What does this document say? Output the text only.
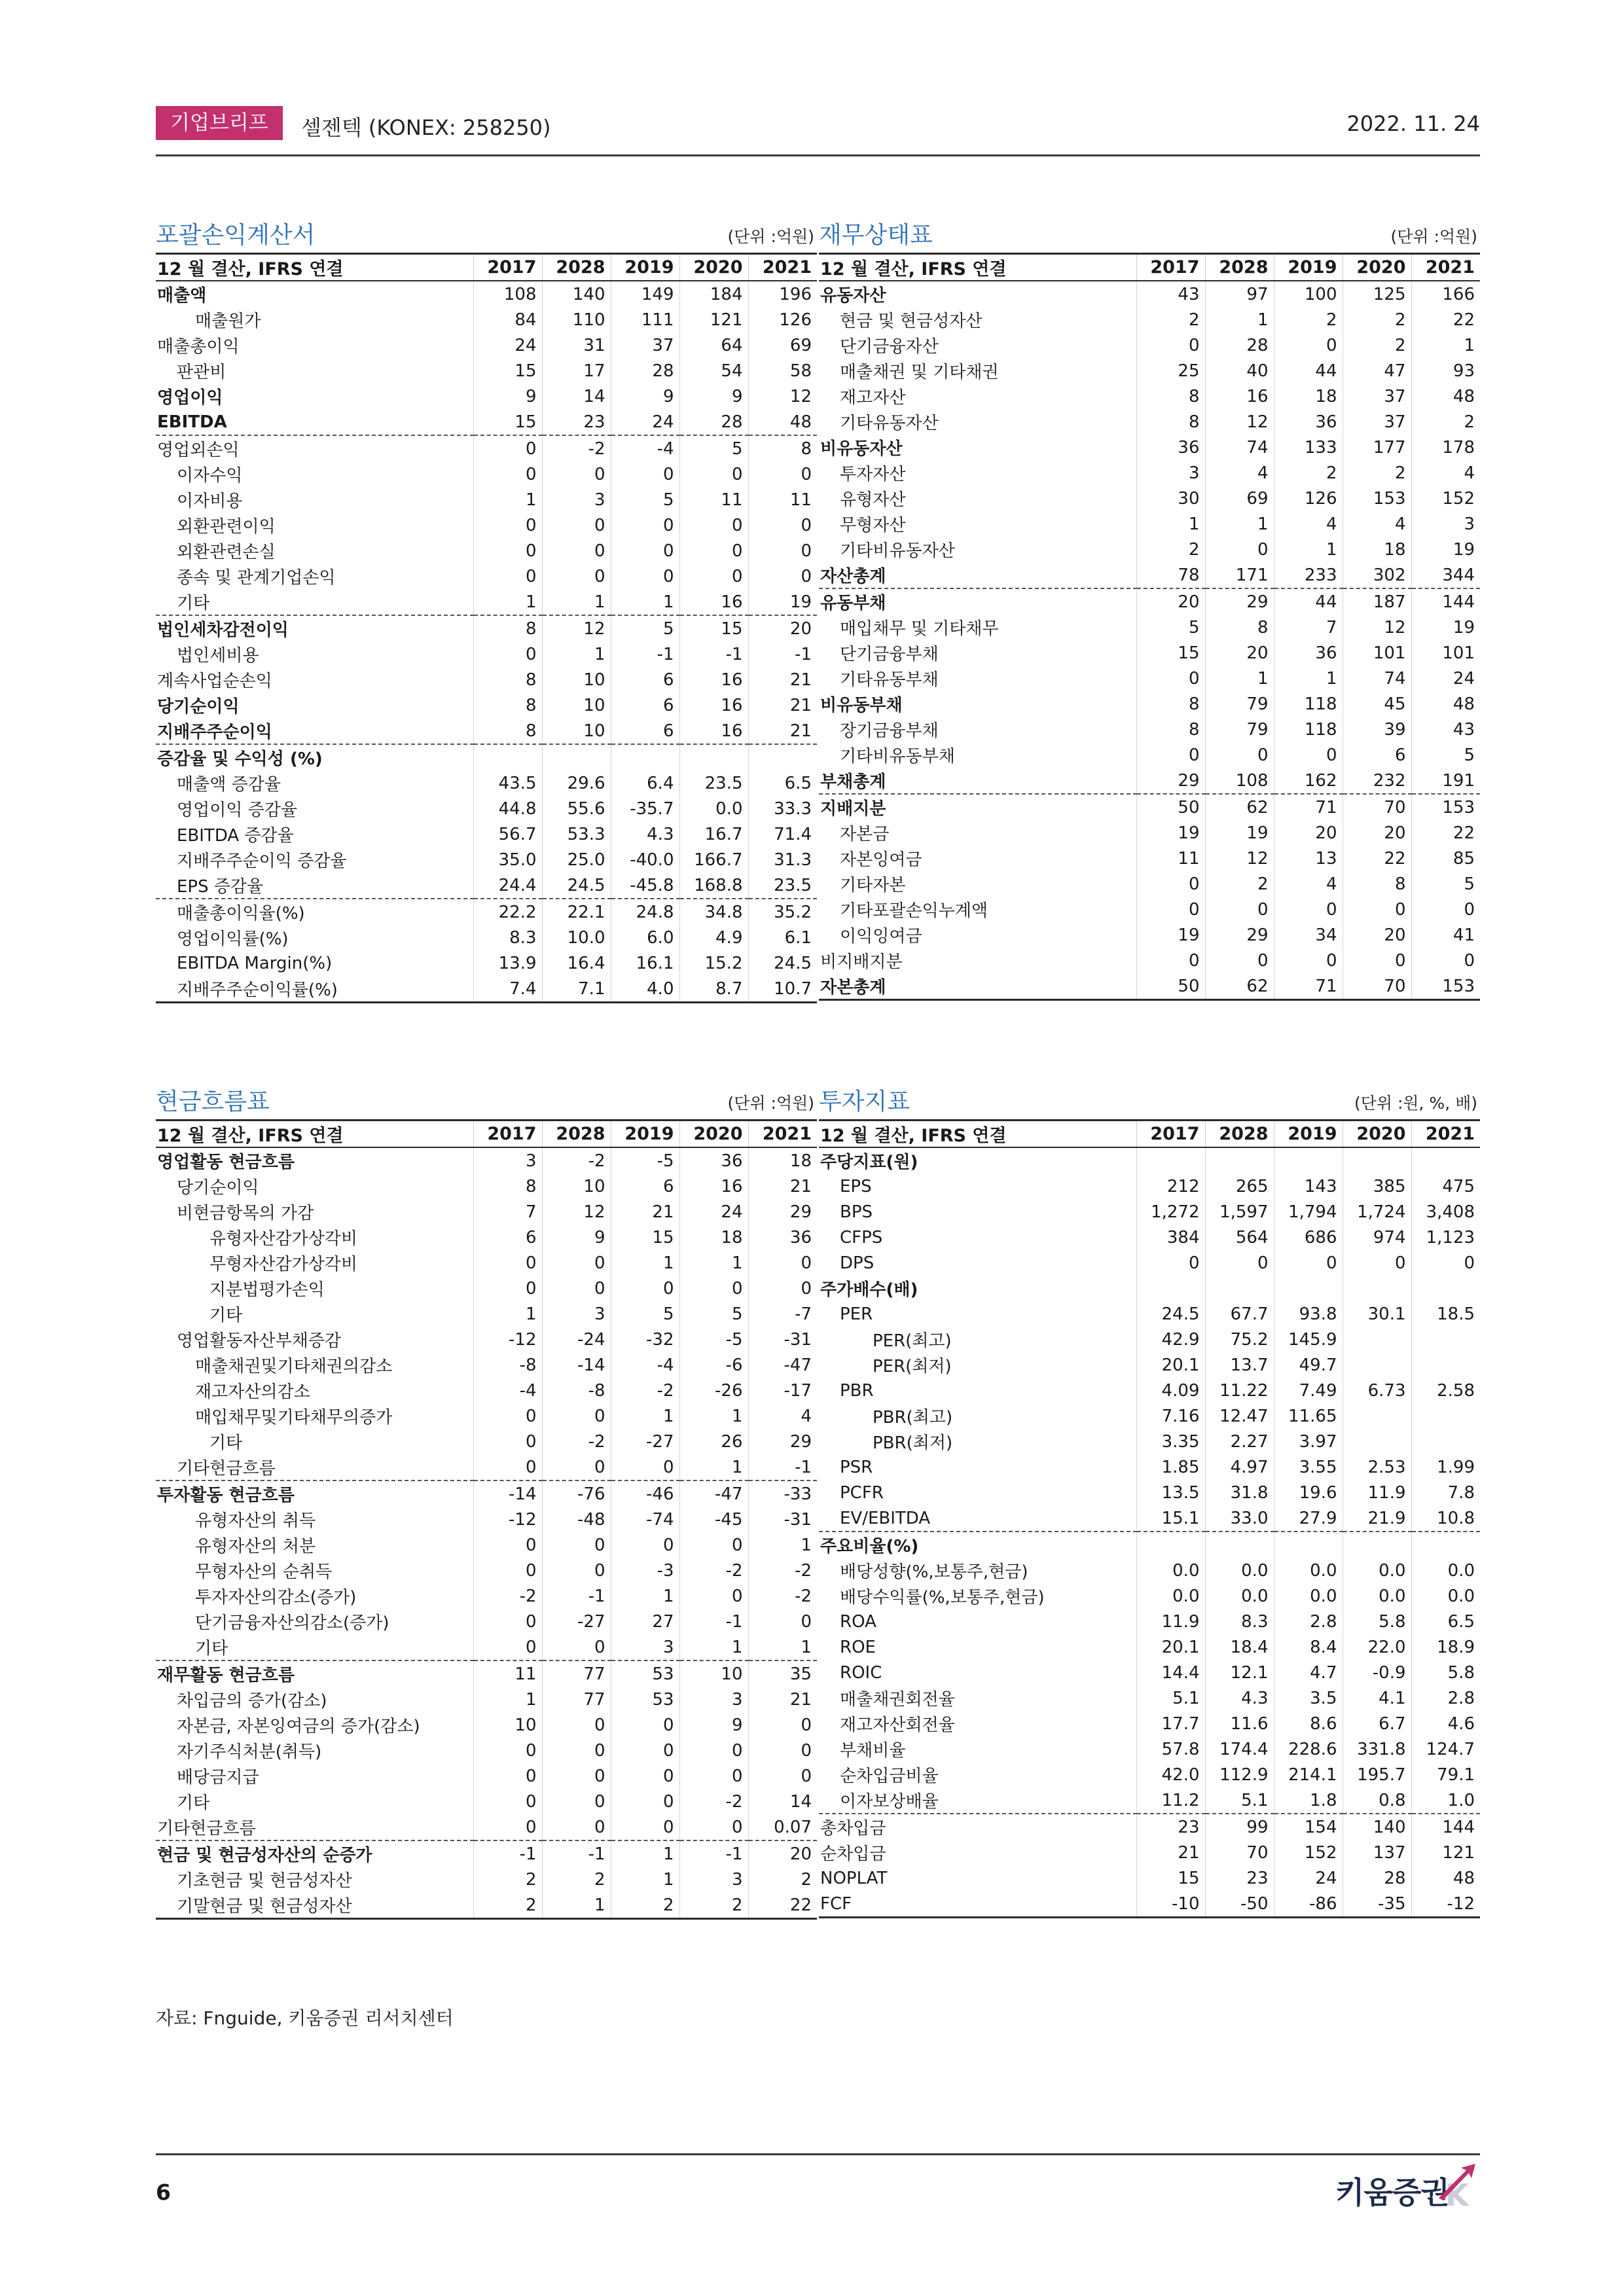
기업브리프	셀젠텍 (KONEX: 258250)	2022. 11. 24
포괄손익계산서	(단위 :억원)
12 월 결산, IFRS 연결	2017	2028	2019	2020	2021
매출액	108	140	149	184	196
매출원가	84	110	111	121	126
매출총이익	24	31	37	64	69
판관비	15	17	28	54	58
영업이익	9	14	9	9	12
EBITDA	15	23	24	28	48
영업외손익	0	-2	-4	5	8
이자수익	0	0	0	0	0
이자비용	1	3	5	11	11
외환관련이익	0	0	0	0	0
외환관련손실	0	0	0	0	0
종속 및 관계기업손익	0	0	0	0	0
기타	1	1	1	16	19
법인세차감전이익	8	12	5	15	20
법인세비용	0	1	-1	-1	-1
계속사업순손익	8	10	6	16	21
당기순이익	8	10	6	16	21
지배주주순이익	8	10	6	16	21
증감율 및 수익성 (%)					
매출액 증감율	43.5	29.6	6.4	23.5	6.5
영업이익 증감율	44.8	55.6	-35.7	0.0	33.3
EBITDA 증감율	56.7	53.3	4.3	16.7	71.4
지배주주순이익 증감율	35.0	25.0	-40.0	166.7	31.3
EPS 증감율	24.4	24.5	-45.8	168.8	23.5
매출총이익율(%)	22.2	22.1	24.8	34.8	35.2
영업이익률(%)	8.3	10.0	6.0	4.9	6.1
EBITDA Margin(%)	13.9	16.4	16.1	15.2	24.5
지배주주순이익률(%)	7.4	7.1	4.0	8.7	10.7
재무상태표	(단위 :억원)
12 월 결산, IFRS 연결	2017	2028	2019	2020	2021
유동자산	43	97	100	125	166
현금 및 현금성자산	2	1	2	2	22
단기금융자산	0	28	0	2	1
매출채권 및 기타채권	25	40	44	47	93
재고자산	8	16	18	37	48
기타유동자산	8	12	36	37	2
비유동자산	36	74	133	177	178
투자자산	3	4	2	2	4
유형자산	30	69	126	153	152
무형자산	1	1	4	4	3
기타비유동자산	2	0	1	18	19
자산총계	78	171	233	302	344
유동부채	20	29	44	187	144
매입채무 및 기타채무	5	8	7	12	19
단기금융부채	15	20	36	101	101
기타유동부채	0	1	1	74	24
비유동부채	8	79	118	45	48
장기금융부채	8	79	118	39	43
기타비유동부채	0	0	0	6	5
부채총계	29	108	162	232	191
지배지분	50	62	71	70	153
자본금	19	19	20	20	22
자본잉여금	11	12	13	22	85
기타자본	0	2	4	8	5
기타포괄손익누계액	0	0	0	0	0
이익잉여금	19	29	34	20	41
비지배지분	0	0	0	0	0
자본총계	50	62	71	70	153
현금흐름표	(단위 :억원)
12 월 결산, IFRS 연결	2017	2028	2019	2020	2021
영업활동 현금흐름	3	-2	-5	36	18
당기순이익	8	10	6	16	21
비현금항목의 가감	7	12	21	24	29
유형자산감가상각비	6	9	15	18	36
무형자산감가상각비	0	0	1	1	0
지분법평가손익	0	0	0	0	0
기타	1	3	5	5	-7
영업활동자산부채증감	-12	-24	-32	-5	-31
매출채권및기타채권의감소	-8	-14	-4	-6	-47
재고자산의감소	-4	-8	-2	-26	-17
매입채무및기타채무의증가	0	0	1	1	4
기타	0	-2	-27	26	29
기타현금흐름	0	0	0	1	-1
투자활동 현금흐름	-14	-76	-46	-47	-33
유형자산의 취득	-12	-48	-74	-45	-31
유형자산의 처분	0	0	0	0	1
무형자산의 순취득	0	0	-3	-2	-2
투자자산의감소(증가)	-2	-1	1	0	-2
단기금융자산의감소(증가)	0	-27	27	-1	0
기타	0	0	3	1	1
재무활동 현금흐름	11	77	53	10	35
차입금의 증가(감소)	1	77	53	3	21
자본금, 자본잉여금의 증가(감소)	10	0	0	9	0
자기주식처분(취득)	0	0	0	0	0
배당금지급	0	0	0	0	0
기타	0	0	0	-2	14
기타현금흐름	0	0	0	0	0.07
현금 및 현금성자산의 순증가	-1	-1	1	-1	20
기초현금 및 현금성자산	2	2	1	3	2
기말현금 및 현금성자산	2	1	2	2	22
투자지표	(단위 :원, %, 배)
12 월 결산, IFRS 연결	2017	2028	2019	2020	2021
주당지표(원)					
EPS	212	265	143	385	475
BPS	1,272	1,597	1,794	1,724	3,408
CFPS	384	564	686	974	1,123
DPS	0	0	0	0	0
주가배수(배)					
PER	24.5	67.7	93.8	30.1	18.5
PER(최고)	42.9	75.2	145.9		
PER(최저)	20.1	13.7	49.7		
PBR	4.09	11.22	7.49	6.73	2.58
PBR(최고)	7.16	12.47	11.65		
PBR(최저)	3.35	2.27	3.97		
PSR	1.85	4.97	3.55	2.53	1.99
PCFR	13.5	31.8	19.6	11.9	7.8
EV/EBITDA	15.1	33.0	27.9	21.9	10.8
주요비율(%)					
배당성향(%,보통주,현금)	0.0	0.0	0.0	0.0	0.0
배당수익률(%,보통주,현금)	0.0	0.0	0.0	0.0	0.0
ROA	11.9	8.3	2.8	5.8	6.5
ROE	20.1	18.4	8.4	22.0	18.9
ROIC	14.4	12.1	4.7	-0.9	5.8
매출채권회전율	5.1	4.3	3.5	4.1	2.8
재고자산회전율	17.7	11.6	8.6	6.7	4.6
부채비율	57.8	174.4	228.6	331.8	124.7
순차입금비율	42.0	112.9	214.1	195.7	79.1
이자보상배율	11.2	5.1	1.8	0.8	1.0
총차입금	23	99	154	140	144
순차입금	21	70	152	137	121
NOPLAT	15	23	24	28	48
FCF	-10	-50	-86	-35	-12
자료: Fnguide, 키움증권 리서치센터
6	키움증권
K
